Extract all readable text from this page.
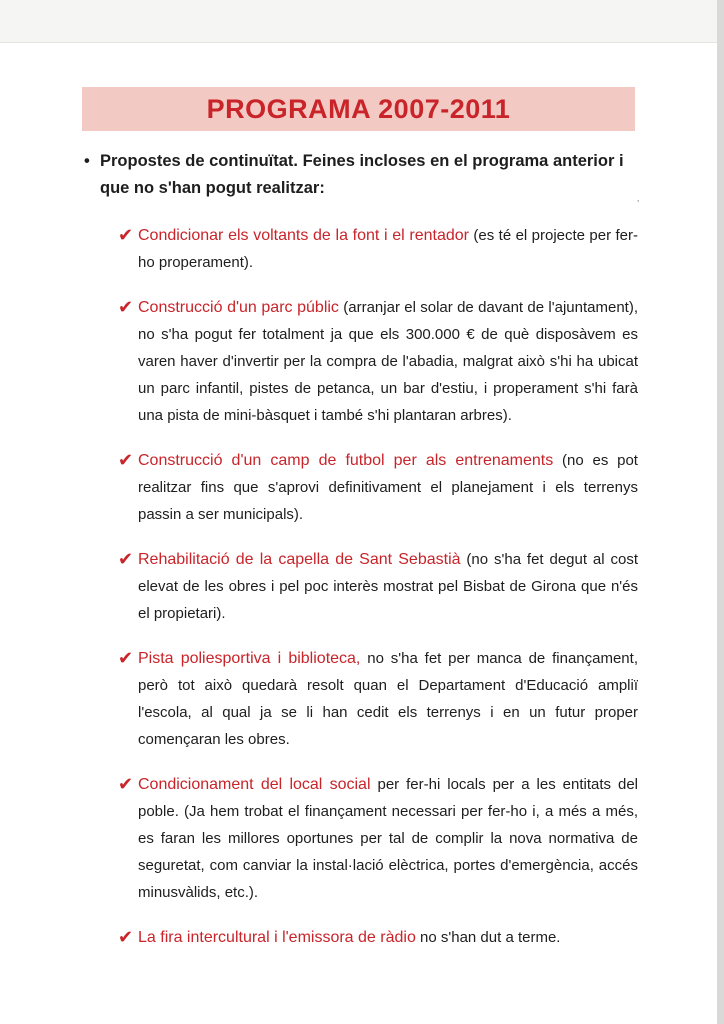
PROGRAMA 2007-2011
• Propostes de continuïtat. Feines incloses en el programa anterior i que no s'han pogut realitzar:
‚
✔ Condicionar els voltants de la font i el rentador (es té el projecte per fer-ho properament).
✔ Construcció d'un parc públic (arranjar el solar de davant de l'ajuntament), no s'ha pogut fer totalment ja que els 300.000 € de què disposàvem es varen haver d'invertir per la compra de l'abadia, malgrat això s'hi ha ubicat un parc infantil, pistes de petanca, un bar d'estiu, i properament s'hi farà una pista de mini-bàsquet i també s'hi plantaran arbres).
✔ Construcció d'un camp de futbol per als entrenaments (no es pot realitzar fins que s'aprovi definitivament el planejament i els terrenys passin a ser municipals).
✔ Rehabilitació de la capella de Sant Sebastià (no s'ha fet degut al cost elevat de les obres i pel poc interès mostrat pel Bisbat de Girona que n'és el propietari).
✔ Pista poliesportiva i biblioteca, no s'ha fet per manca de finançament, però tot això quedarà resolt quan el Departament d'Educació ampliï l'escola, al qual ja se li han cedit els terrenys i en un futur proper començaran les obres.
✔ Condicionament del local social per fer-hi locals per a les entitats del poble. (Ja hem trobat el finançament necessari per fer-ho i, a més a més, es faran les millores oportunes per tal de complir la nova normativa de seguretat, com canviar la instal·lació elèctrica, portes d'emergència, accés minusvàlids, etc.).
✔ La fira intercultural i l'emissora de ràdio no s'han dut a terme.
